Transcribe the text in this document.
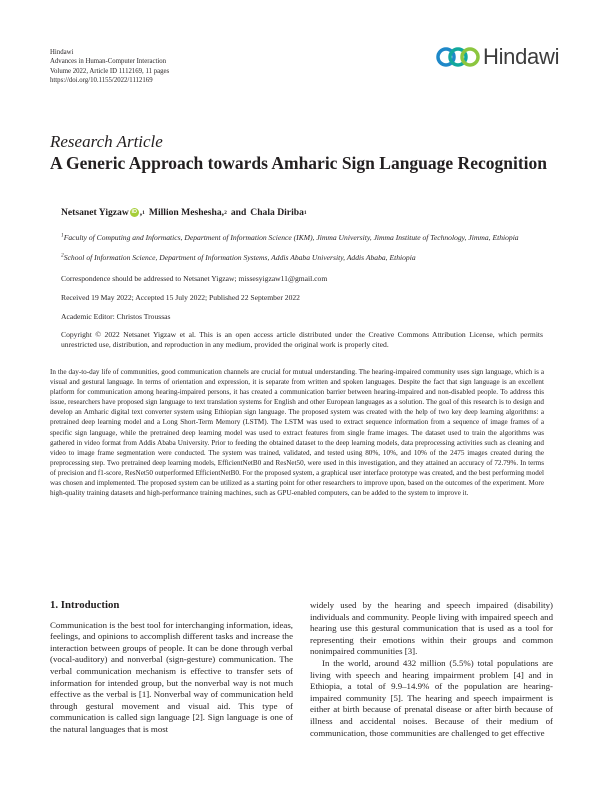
Hindawi
Advances in Human-Computer Interaction
Volume 2022, Article ID 1112169, 11 pages
https://doi.org/10.1155/2022/1112169
Hindawi
Research Article
A Generic Approach towards Amharic Sign Language Recognition
Netsanet Yigzaw iD , 1 Million Meshesha, 2 and Chala Diriba 1
$^1$Faculty of Computing and Informatics, Department of Information Science (IKM), Jimma University, Jimma Institute of Technology, Jimma, Ethiopia
$^2$School of Information Science, Department of Information Systems, Addis Ababa University, Addis Ababa, Ethiopia
Correspondence should be addressed to Netsanet Yigzaw; missesyigzaw11@gmail.com
Received 19 May 2022; Accepted 15 July 2022; Published 22 September 2022
Academic Editor: Christos Troussas
Copyright © 2022 Netsanet Yigzaw et al. This is an open access article distributed under the Creative Commons Attribution License, which permits unrestricted use, distribution, and reproduction in any medium, provided the original work is properly cited.

In the day-to-day life of communities, good communication channels are crucial for mutual understanding. The hearing-impaired community uses sign language, which is a visual and gestural language. In terms of orientation and expression, it is separate from written and spoken languages. Despite the fact that sign language is an excellent platform for communication among hearing-impaired persons, it has created a communication barrier between hearing-impaired and non-disabled people. To address this issue, researchers have proposed sign language to text translation systems for English and other European languages as a solution. The goal of this research is to design and develop an Amharic digital text converter system using Ethiopian sign language. The proposed system was created with the help of two key deep learning algorithms: a pretrained deep learning model and a Long Short-Term Memory (LSTM). The LSTM was used to extract sequence information from a sequence of image frames of a specific sign language, while the pretrained deep learning model was used to extract features from single frame images. The dataset used to train the algorithms was gathered in video format from Addis Ababa University. Prior to feeding the obtained dataset to the deep learning models, data preprocessing activities such as cleaning and video to image frame segmentation were conducted. The system was trained, validated, and tested using 80%, 10%, and 10% of the 2475 images created during the preprocessing step. Two pretrained deep learning models, EfficientNetB0 and ResNet50, were used in this investigation, and they attained an accuracy of 72.79%. In terms of precision and f1-score, ResNet50 outperformed EfficientNetB0. For the proposed system, a graphical user interface prototype was created, and the best performing model was chosen and implemented. The proposed system can be utilized as a starting point for other researchers to improve upon, based on the outcomes of the experiment. More high-quality training datasets and high-performance training machines, such as GPU-enabled computers, can be added to the system to improve it.

1. Introduction

Communication is the best tool for interchanging information, ideas, feelings, and opinions to accomplish different tasks and increase the interaction between groups of people. It can be done through verbal (vocal-auditory) and nonverbal (sign-gesture) communication. The verbal communication mechanism is effective to transfer sets of information for intended group, but the nonverbal way is not much effective as the verbal is [1]. Nonverbal way of communication held through gestural movement and visual aid. This type of communication is called sign language [2]. Sign language is one of the natural languages that is most

widely used by the hearing and speech impaired (disability) individuals and community. People living with impaired speech and hearing use this gestural communication that is used as a tool for representing their emotions within their groups and common nonimpaired communities [3].

In the world, around 432 million (5.5%) total populations are living with speech and hearing impairment problem [4] and in Ethiopia, a total of 9.9–14.9% of the population are hearing-impaired community [5]. The hearing and speech impairment is either at birth because of prenatal disease or after birth because of illness and accidental noises. Because of their medium of communication, those communities are challenged to get effective
